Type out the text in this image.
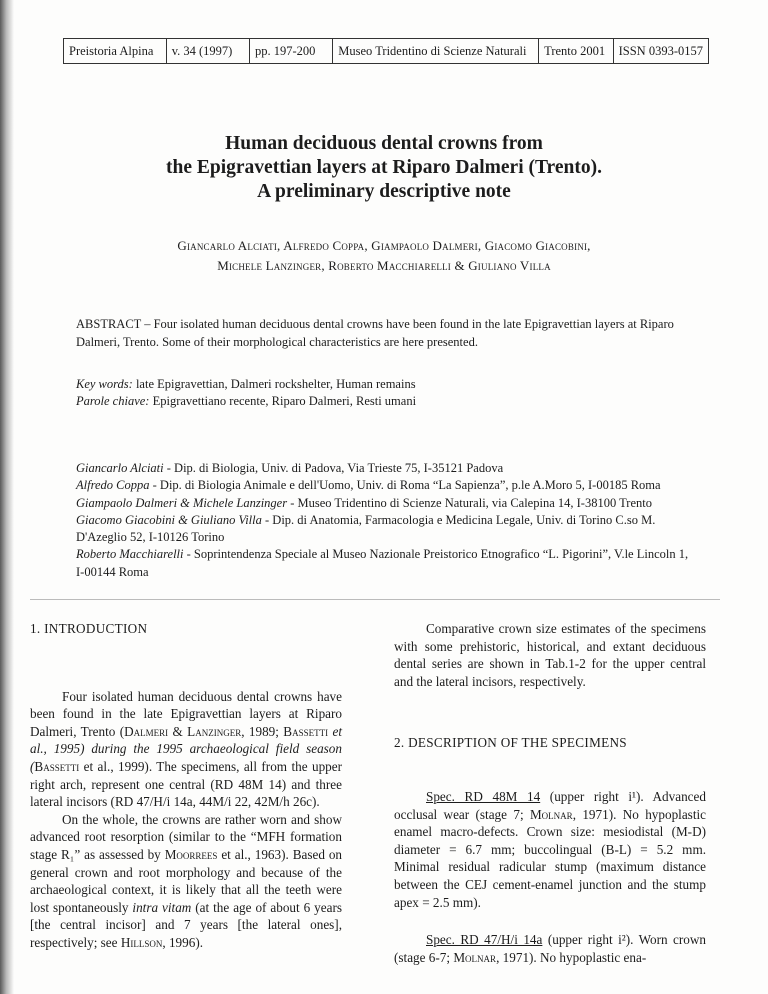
Preistoria Alpina	v. 34 (1997)	pp. 197-200	Museo Tridentino di Scienze Naturali	Trento 2001	ISSN 0393-0157
Human deciduous dental crowns from
the Epigravettian layers at Riparo Dalmeri (Trento).
A preliminary descriptive note
Giancarlo Alciati, Alfredo Coppa, Giampaolo Dalmeri, Giacomo Giacobini,
Michele Lanzinger, Roberto Macchiarelli & Giuliano Villa
ABSTRACT – Four isolated human deciduous dental crowns have been found in the late Epigravettian layers at Riparo Dalmeri, Trento. Some of their morphological characteristics are here presented.
Key words: late Epigravettian, Dalmeri rockshelter, Human remains
Parole chiave: Epigravettiano recente, Riparo Dalmeri, Resti umani

Giancarlo Alciati - Dip. di Biologia, Univ. di Padova, Via Trieste 75, I-35121 Padova

Alfredo Coppa - Dip. di Biologia Animale e dell'Uomo, Univ. di Roma “La Sapienza”, p.le A.Moro 5, I-00185 Roma

Giampaolo Dalmeri & Michele Lanzinger - Museo Tridentino di Scienze Naturali, via Calepina 14, I-38100 Trento

Giacomo Giacobini & Giuliano Villa - Dip. di Anatomia, Farmacologia e Medicina Legale, Univ. di Torino C.so M. D'Azeglio 52, I-10126 Torino

Roberto Macchiarelli - Soprintendenza Speciale al Museo Nazionale Preistorico Etnografico “L. Pigorini”, V.le Lincoln 1, I-00144 Roma

1. INTRODUCTION

Four isolated human deciduous dental crowns have been found in the late Epigravettian layers at Riparo Dalmeri, Trento (Dalmeri & Lanzinger, 1989; Bassetti et al., 1995) during the 1995 archaeological field season (Bassetti et al., 1999). The specimens, all from the upper right arch, represent one central (RD 48M 14) and three lateral incisors (RD 47/H/i 14a, 44M/i 22, 42M/h 26c).

On the whole, the crowns are rather worn and show advanced root resorption (similar to the “MFH formation stage R₁” as assessed by Moorrees et al., 1963). Based on general crown and root morphology and because of the archaeological context, it is likely that all the teeth were lost spontaneously intra vitam (at the age of about 6 years [the central incisor] and 7 years [the lateral ones], respectively; see Hillson, 1996).

Comparative crown size estimates of the specimens with some prehistoric, historical, and extant deciduous dental series are shown in Tab.1-2 for the upper central and the lateral incisors, respectively.

2. DESCRIPTION OF THE SPECIMENS

Spec. RD 48M 14 (upper right i¹). Advanced occlusal wear (stage 7; Molnar, 1971). No hypoplastic enamel macro-defects. Crown size: mesiodistal (M-D) diameter = 6.7 mm; buccolingual (B-L) = 5.2 mm. Minimal residual radicular stump (maximum distance between the CEJ cement-enamel junction and the stump apex = 2.5 mm).

Spec. RD 47/H/i 14a (upper right i²). Worn crown (stage 6-7; Molnar, 1971). No hypoplastic ena-
